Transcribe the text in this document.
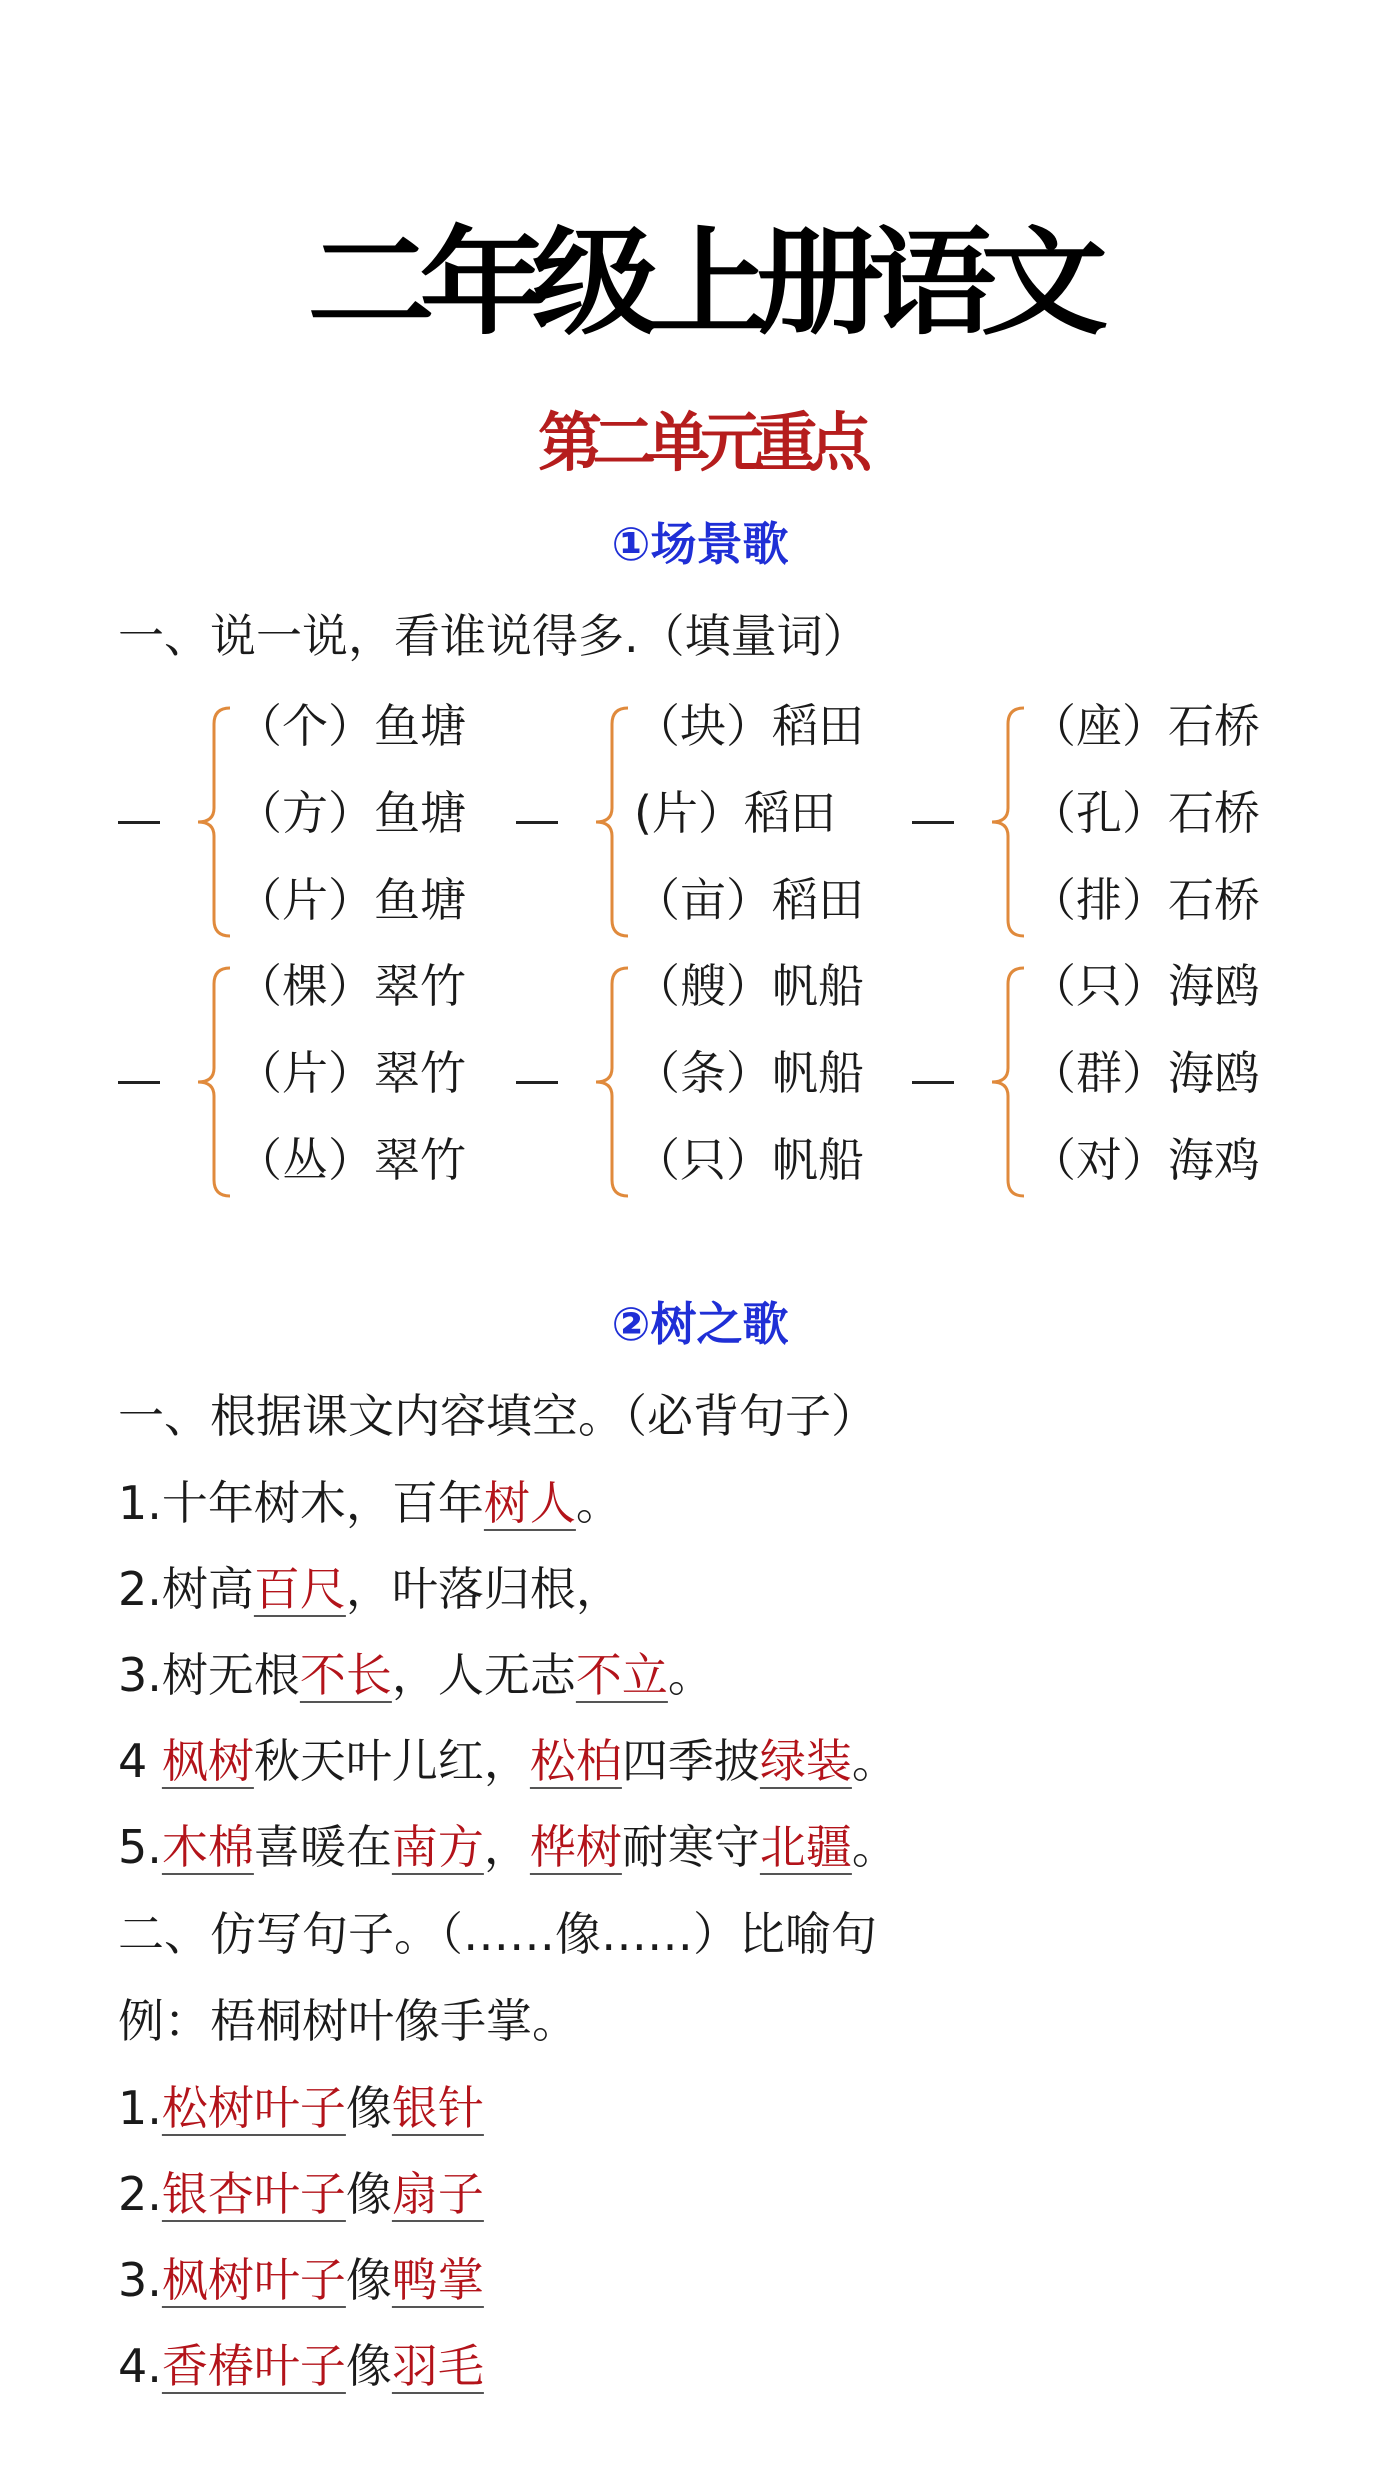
二年级上册语文
第二单元重点
①场景歌
一、说一说，看谁说得多.（填量词）
（个）鱼塘
（方）鱼塘
（片）鱼塘
（块）稻田
(片）稻田
（亩）稻田
（座）石桥
（孔）石桥
（排）石桥
（棵）翠竹
（片）翠竹
（丛）翠竹
（艘）帆船
（条）帆船
（只）帆船
（只）海鸥
（群）海鸥
（对）海鸡
②树之歌
一、根据课文内容填空。（必背句子）
1.十年树木，百年树人。
2.树高百尺，叶落归根，
3.树无根不长，人无志不立。
4 枫树秋天叶儿红，松柏四季披绿装。
5.木棉喜暖在南方，桦树耐寒守北疆。
二、仿写句子。（……像……）比喻句
例：梧桐树叶像手掌。
1.松树叶子像银针
2.银杏叶子像扇子
3.枫树叶子像鸭掌
4.香椿叶子像羽毛
